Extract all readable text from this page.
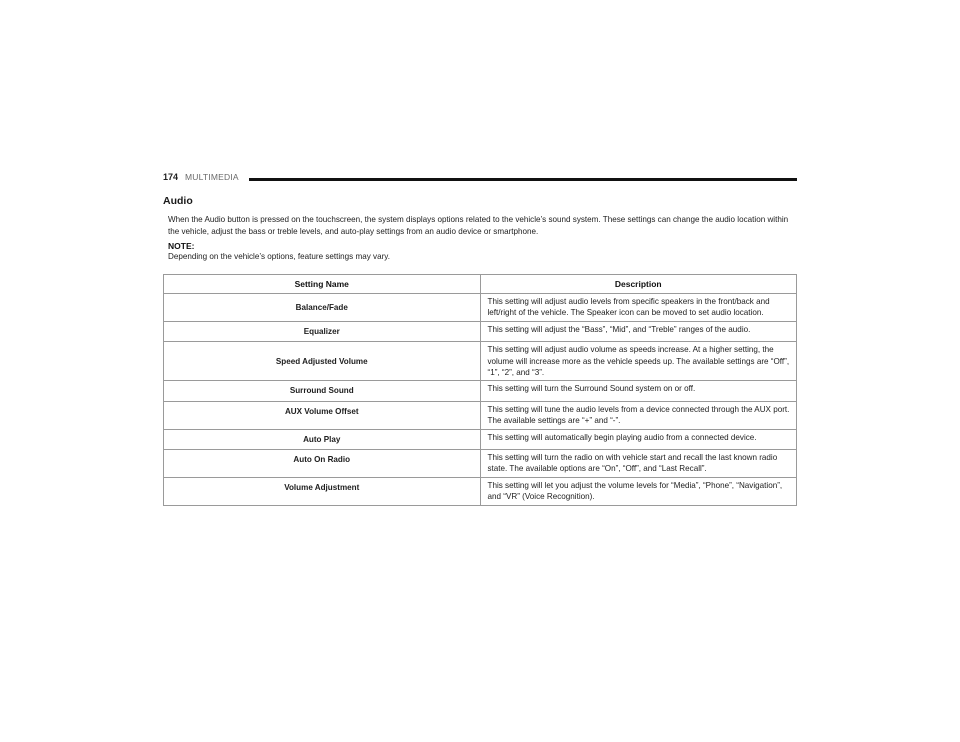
174 MULTIMEDIA
Audio

When the Audio button is pressed on the touchscreen, the system displays options related to the vehicle’s sound system. These settings can change the audio location within the vehicle, adjust the bass or treble levels, and auto-play settings from an audio device or smartphone.

NOTE:

Depending on the vehicle’s options, feature settings may vary.

Setting Name	Description
Balance/Fade	This setting will adjust audio levels from specific speakers in the front/back and left/right of the vehicle. The Speaker icon can be moved to set audio location.
Equalizer	This setting will adjust the “Bass”, “Mid”, and “Treble” ranges of the audio.
Speed Adjusted Volume	This setting will adjust audio volume as speeds increase. At a higher setting, the volume will increase more as the vehicle speeds up. The available settings are “Off”, “1”, “2”, and “3”.
Surround Sound	This setting will turn the Surround Sound system on or off.
AUX Volume Offset	This setting will tune the audio levels from a device connected through the AUX port. The available settings are “+” and “-”.
Auto Play	This setting will automatically begin playing audio from a connected device.
Auto On Radio	This setting will turn the radio on with vehicle start and recall the last known radio state. The available options are “On”, “Off”, and “Last Recall”.
Volume Adjustment	This setting will let you adjust the volume levels for “Media”, “Phone”, “Navigation”, and “VR” (Voice Recognition).
